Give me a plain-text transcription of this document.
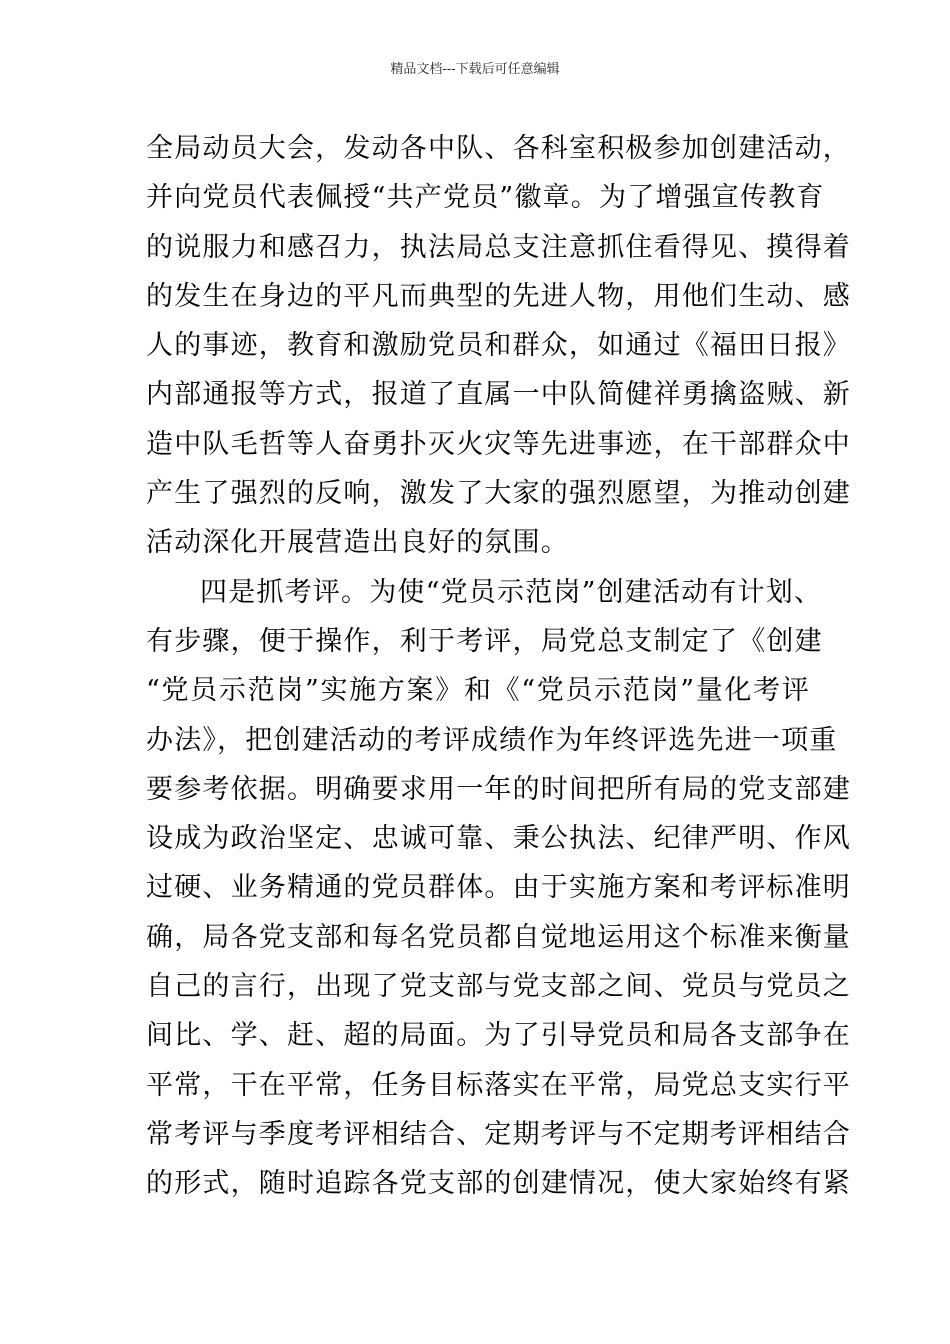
精品文档---下载后可任意编辑
全局动员大会，发动各中队、各科室积极参加创建活动，
并向党员代表佩授“共产党员”徽章。为了增强宣传教育
的说服力和感召力，执法局总支注意抓住看得见、摸得着
的发生在身边的平凡而典型的先进人物，用他们生动、感
人的事迹，教育和激励党员和群众，如通过《福田日报》
内部通报等方式，报道了直属一中队简健祥勇擒盗贼、新
造中队毛哲等人奋勇扑灭火灾等先进事迹，在干部群众中
产生了强烈的反响，激发了大家的强烈愿望，为推动创建
活动深化开展营造出良好的氛围。
四是抓考评。为使“党员示范岗”创建活动有计划、
有步骤，便于操作，利于考评，局党总支制定了《创建
“党员示范岗”实施方案》和《“党员示范岗”量化考评
办法》，把创建活动的考评成绩作为年终评选先进一项重
要参考依据。明确要求用一年的时间把所有局的党支部建
设成为政治坚定、忠诚可靠、秉公执法、纪律严明、作风
过硬、业务精通的党员群体。由于实施方案和考评标准明
确，局各党支部和每名党员都自觉地运用这个标准来衡量
自己的言行，出现了党支部与党支部之间、党员与党员之
间比、学、赶、超的局面。为了引导党员和局各支部争在
平常，干在平常，任务目标落实在平常，局党总支实行平
常考评与季度考评相结合、定期考评与不定期考评相结合
的形式，随时追踪各党支部的创建情况，使大家始终有紧
